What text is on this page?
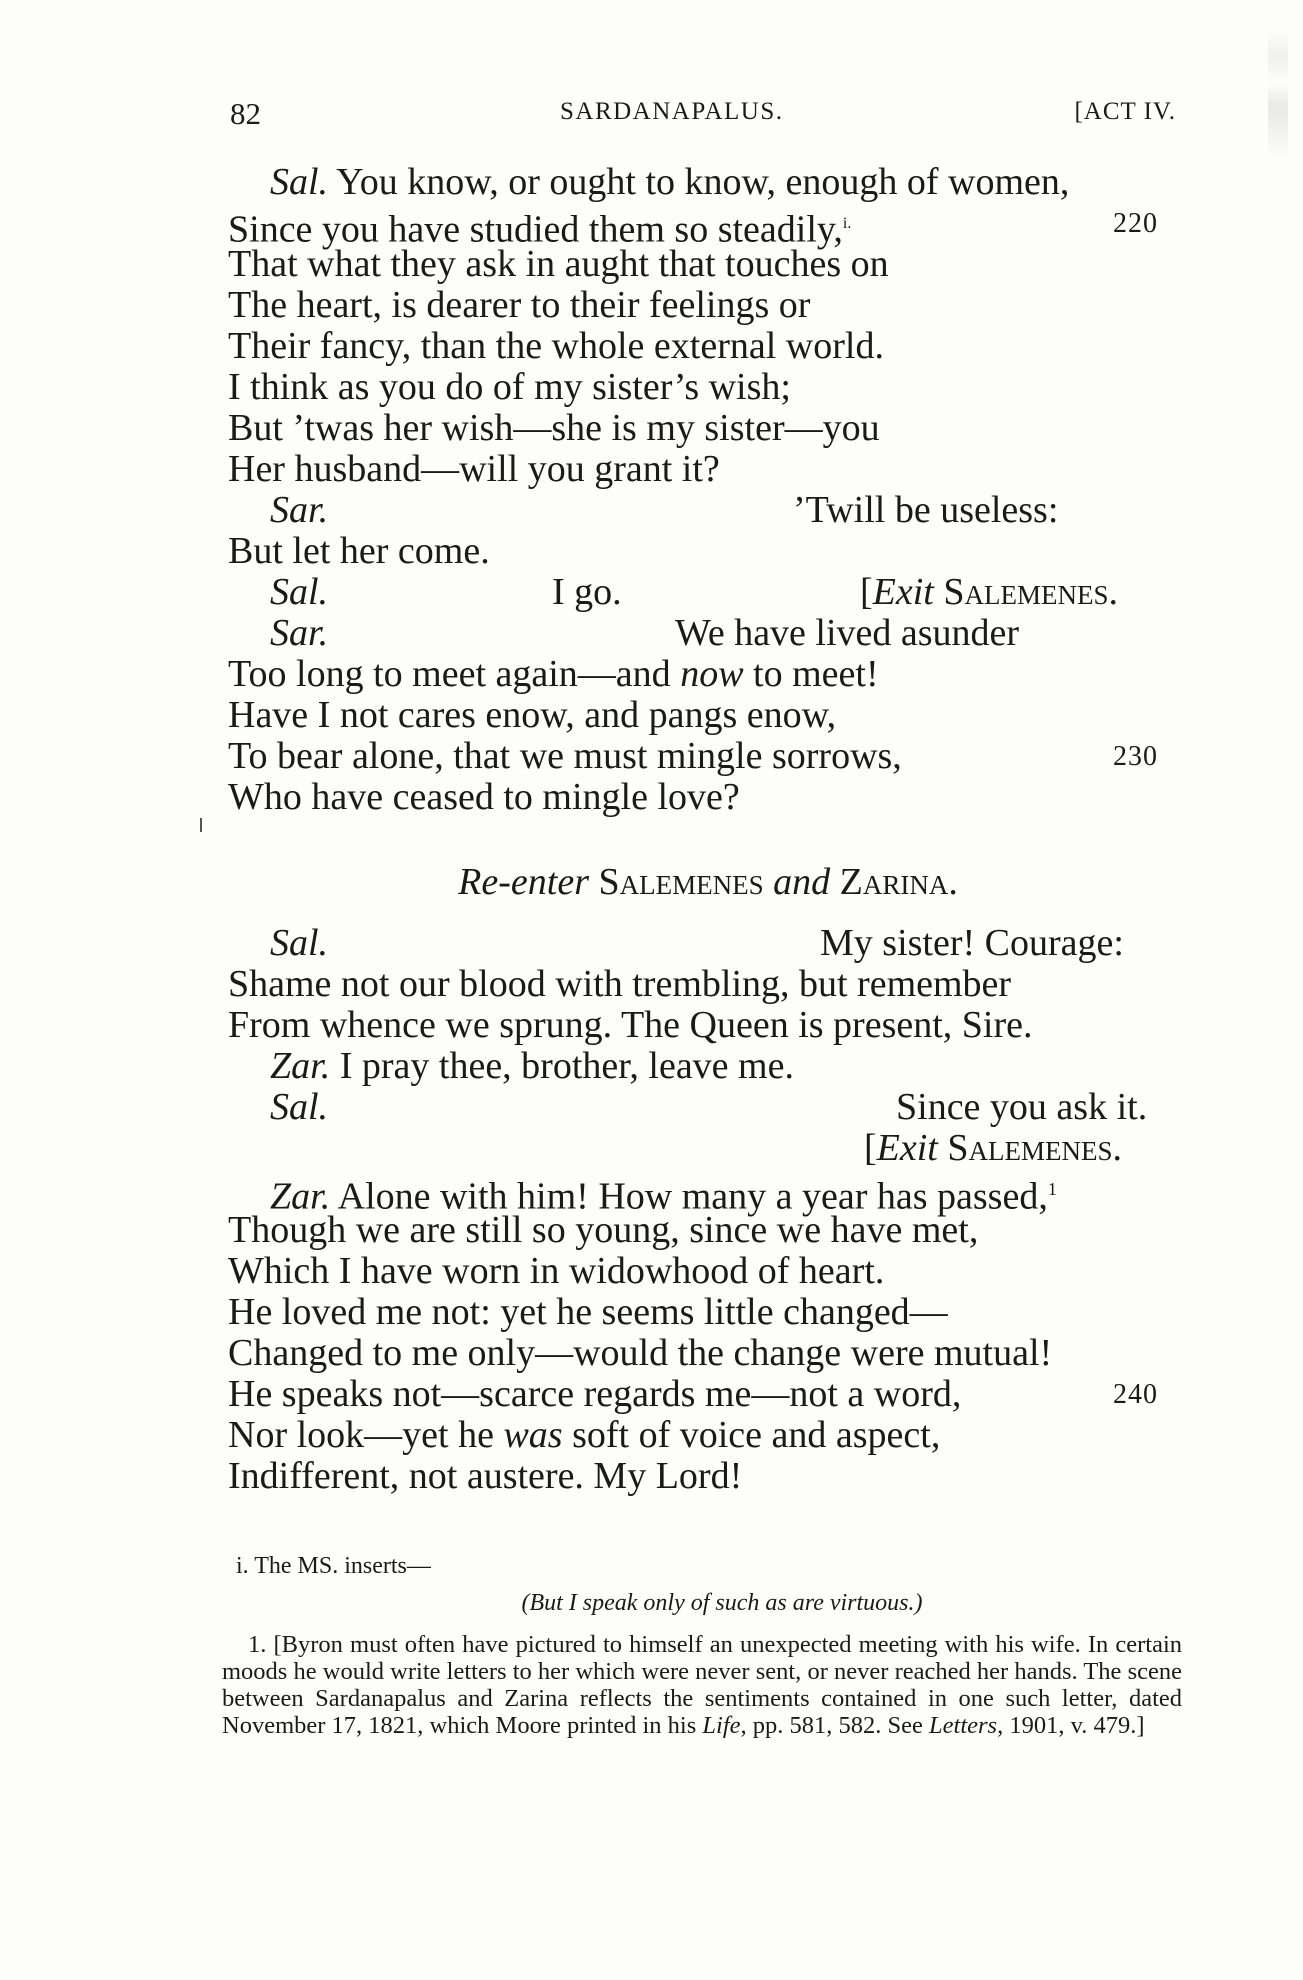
82	SARDANAPALUS.	[ACT IV.
Sal. You know, or ought to know, enough of women,
Since you have studied them so steadily,$^{i.}$	220
That what they ask in aught that touches on
The heart, is dearer to their feelings or
Their fancy, than the whole external world.
I think as you do of my sister’s wish;
But ’twas her wish—she is my sister—you
Her husband—will you grant it?
Sar.	’Twill be useless:
But let her come.
Sal.	I go.	[Exit Salemenes.
Sar.	We have lived asunder
Too long to meet again—and now to meet!
Have I not cares enow, and pangs enow,
To bear alone, that we must mingle sorrows,	230
Who have ceased to mingle love?
Re-enter Salemenes and Zarina.
Sal.	My sister! Courage:
Shame not our blood with trembling, but remember
From whence we sprung. The Queen is present, Sire.
Zar. I pray thee, brother, leave me.
Sal.	Since you ask it.
[Exit Salemenes.
Zar. Alone with him! How many a year has passed,$^1$
Though we are still so young, since we have met,
Which I have worn in widowhood of heart.
He loved me not: yet he seems little changed—
Changed to me only—would the change were mutual!
He speaks not—scarce regards me—not a word,	240
Nor look—yet he was soft of voice and aspect,
Indifferent, not austere. My Lord!
i. The MS. inserts—
(But I speak only of such as are virtuous.)
1. [Byron must often have pictured to himself an unexpected meeting with his wife. In certain moods he would write letters to her which were never sent, or never reached her hands. The scene between Sardanapalus and Zarina reflects the sentiments contained in one such letter, dated November 17, 1821, which Moore printed in his Life, pp. 581, 582. See Letters, 1901, v. 479.]
